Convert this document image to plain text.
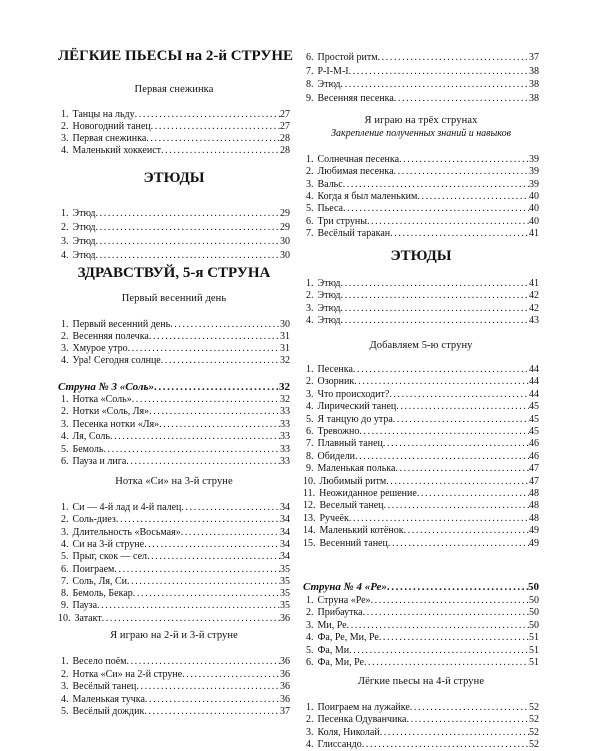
ЛЁГКИЕ ПЬЕСЫ на 2-й СТРУНЕ
Первая снежинка
1. Танцы на льду .....	27
2. Новогодний танец .....	27
3. Первая снежинка .....	28
4. Маленький хоккеист .....	28
ЭТЮДЫ
1. Этюд .....	29
2. Этюд .....	29
3. Этюд .....	30
4. Этюд .....	30
ЗДРАВСТВУЙ, 5-я СТРУНА
Первый весенний день
1. Первый весенний день .....	30
2. Весенняя полечка .....	31
3. Хмурое утро .....	31
4. Ура! Сегодня солнце .....	32
Струна № 3 «Соль» .....	32
1. Нотка «Соль» .....	32
2. Нотки «Соль, Ля» .....	33
3. Песенка нотки «Ля» .....	33
4. Ля, Соль .....	33
5. Бемоль .....	33
6. Пауза и лига .....	33
Нотка «Си» на 3-й струне
1. Си — 4-й лад и 4-й палец .....	34
2. Соль-диез .....	34
3. Длительность «Восьмая» .....	34
4. Си на 3-й струне .....	34
5. Прыг, скок — сел .....	34
6. Поиграем .....	35
7. Соль, Ля, Си .....	35
8. Бемоль, Бекар .....	35
9. Пауза .....	35
10. Затакт .....	36
Я играю на 2-й и 3-й струне
1. Весело поём .....	36
2. Нотка «Си» на 2-й струне .....	36
3. Весёлый танец .....	36
4. Маленькая тучка .....	36
5. Весёлый дождик .....	37
6. Простой ритм .....	37
7. P-I-M-I .....	38
8. Этюд .....	38
9. Весенняя песенка .....	38
Я играю на трёх струнах
Закрепление полученных знаний и навыков
1. Солнечная песенка .....	39
2. Любимая песенка .....	39
3. Вальс .....	39
4. Когда я был маленьким .....	40
5. Пьеса .....	40
6. Три струны .....	40
7. Весёлый таракан .....	41
ЭТЮДЫ
1. Этюд .....	41
2. Этюд .....	42
3. Этюд .....	42
4. Этюд .....	43
Добавляем 5-ю струну
1. Песенка .....	44
2. Озорник .....	44
3. Что происходит? .....	44
4. Лирический танец .....	45
5. Я танцую до утра .....	45
6. Тревожно .....	45
7. Плавный танец .....	46
8. Обидели .....	46
9. Маленькая полька .....	47
10. Любимый ритм .....	47
11. Неожиданное решение .....	48
12. Веселый танец .....	48
13. Ручеёк .....	48
14. Маленький котёнок .....	49
15. Весенний танец .....	49
Струна № 4 «Ре» .....	50
1. Струна «Ре» .....	50
2. Прибаутка .....	50
3. Ми, Ре .....	50
4. Фа, Ре, Ми, Ре .....	51
5. Фа, Ми .....	51
6. Фа, Ми, Ре .....	51
Лёгкие пьесы на 4-й струне
1. Поиграем на лужайке .....	52
2. Песенка Одуванчика .....	52
3. Коля, Николай .....	52
4. Глиссандо .....	52
